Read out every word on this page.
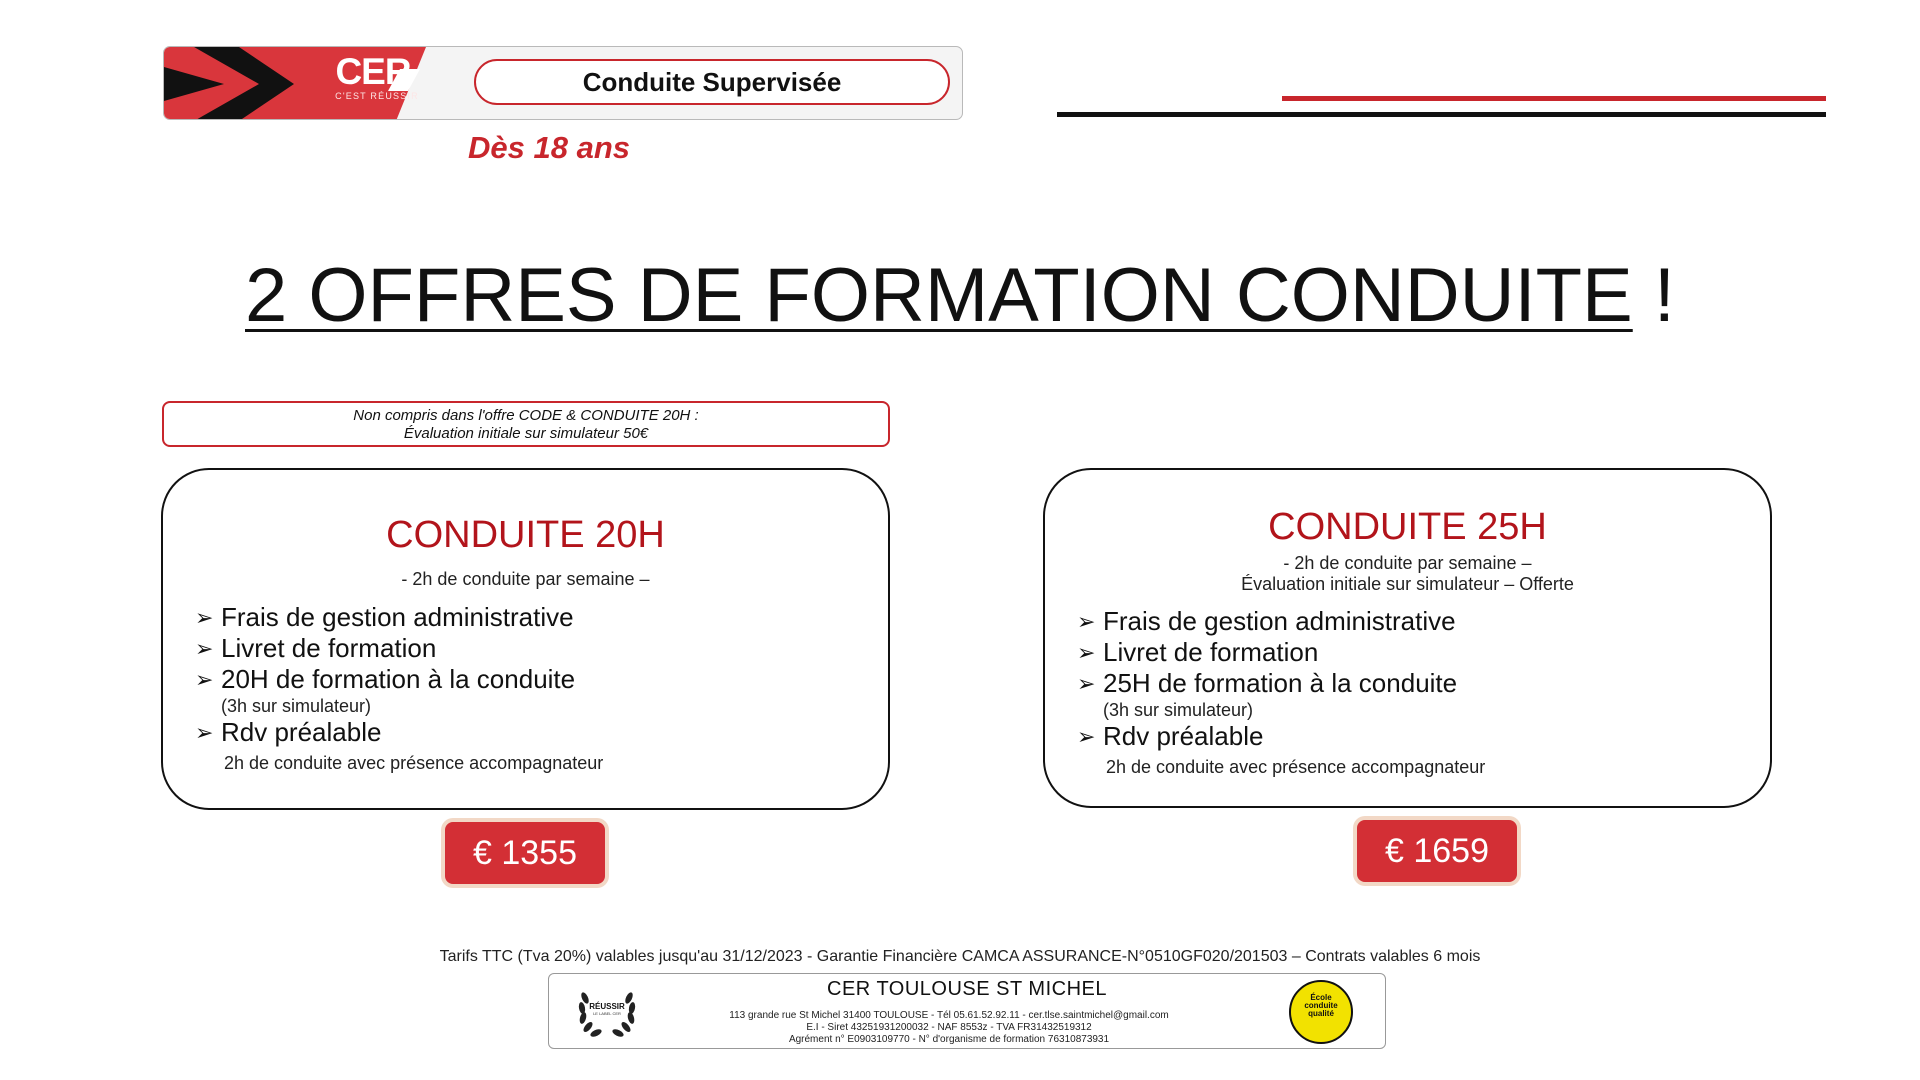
CER
C'EST RÉUSSIR	Conduite Supervisée
Dès 18 ans
2 OFFRES DE FORMATION CONDUITE !
Non compris dans l'offre CODE & CONDUITE 20H :
Évaluation initiale sur simulateur 50€
CONDUITE 20H
- 2h de conduite par semaine –
➢ Frais de gestion administrative
➢ Livret de formation
➢ 20H de formation à la conduite
(3h sur simulateur)
➢ Rdv préalable
2h de conduite avec présence accompagnateur
€ 1355
CONDUITE 25H
- 2h de conduite par semaine –
Évaluation initiale sur simulateur – Offerte
➢ Frais de gestion administrative
➢ Livret de formation
➢ 25H de formation à la conduite
(3h sur simulateur)
➢ Rdv préalable
2h de conduite avec présence accompagnateur
€ 1659
Tarifs TTC (Tva 20%) valables jusqu'au 31/12/2023 - Garantie Financière CAMCA ASSURANCE-N°0510GF020/201503 – Contrats valables 6 mois
RÉUSSIR
LE LABEL CER
CER TOULOUSE ST MICHEL
113 grande rue St Michel 31400 TOULOUSE - Tél 05.61.52.92.11 - cer.tlse.saintmichel@gmail.com
E.I - Siret 43251931200032 - NAF 8553z - TVA FR31432519312
Agrément n° E0903109770 - N° d'organisme de formation 76310873931
École
conduite
qualité
